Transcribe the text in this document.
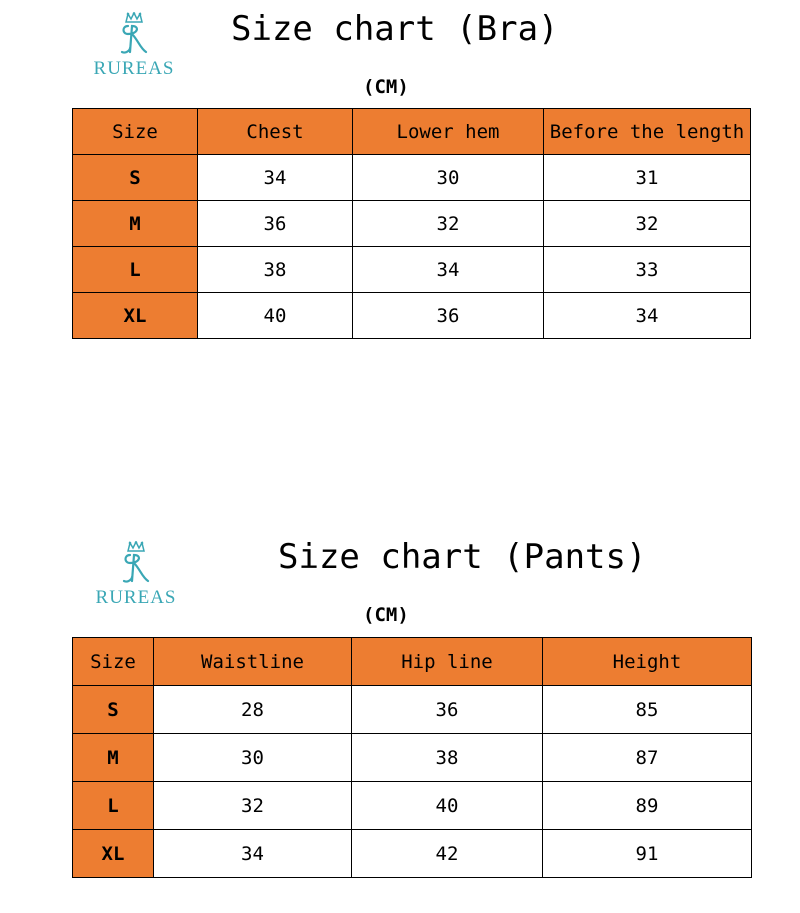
RUREAS
Size chart (Bra)
(CM)
Size	Chest	Lower hem	Before the length
S	34	30	31
M	36	32	32
L	38	34	33
XL	40	36	34
RUREAS
Size chart (Pants)
(CM)
Size	Waistline	Hip line	Height
S	28	36	85
M	30	38	87
L	32	40	89
XL	34	42	91
